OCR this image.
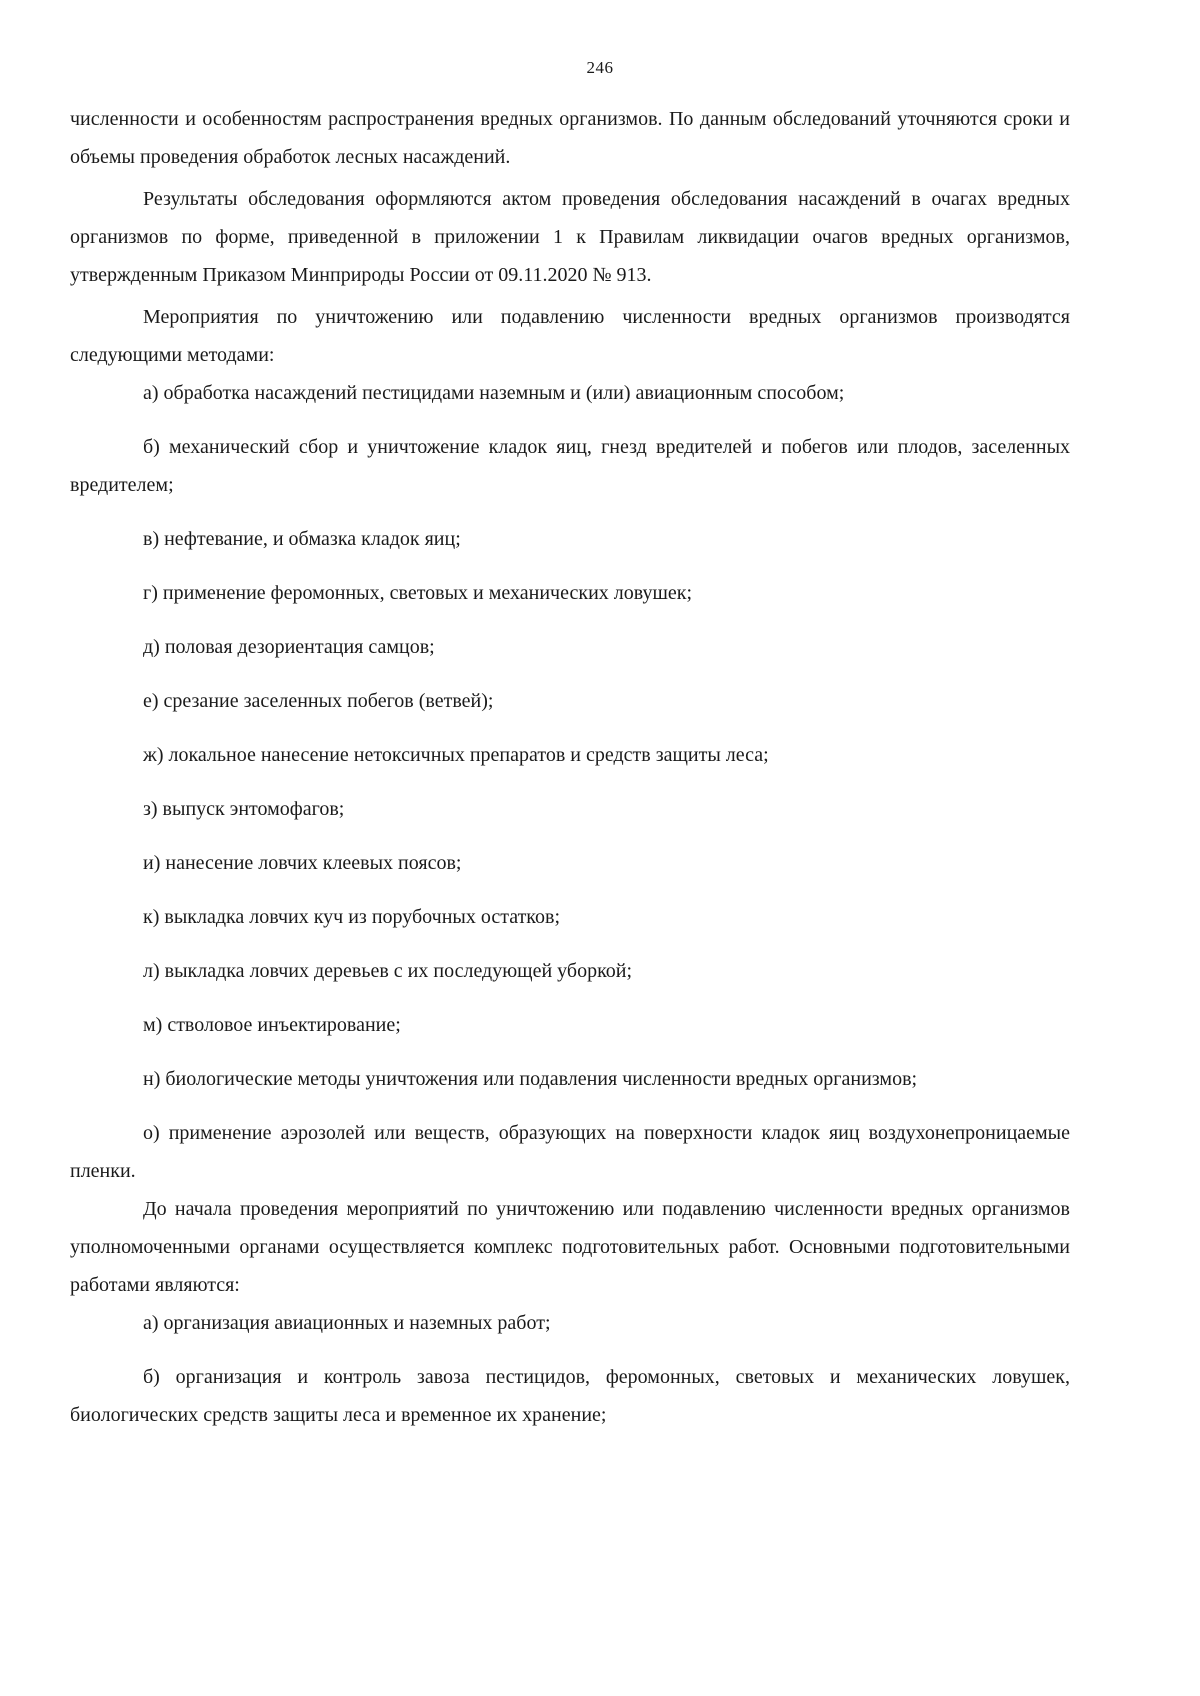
246

численности и особенностям распространения вредных организмов. По данным обследований уточняются сроки и объемы проведения обработок лесных насаждений.

Результаты обследования оформляются актом проведения обследования насаждений в очагах вредных организмов по форме, приведенной в приложении 1 к Правилам ликвидации очагов вредных организмов, утвержденным Приказом Минприроды России от 09.11.2020 № 913.

Мероприятия по уничтожению или подавлению численности вредных организмов производятся следующими методами:

а) обработка насаждений пестицидами наземным и (или) авиационным способом;

б) механический сбор и уничтожение кладок яиц, гнезд вредителей и побегов или плодов, заселенных вредителем;

в) нефтевание, и обмазка кладок яиц;

г) применение феромонных, световых и механических ловушек;

д) половая дезориентация самцов;

е) срезание заселенных побегов (ветвей);

ж) локальное нанесение нетоксичных препаратов и средств защиты леса;

з) выпуск энтомофагов;

и) нанесение ловчих клеевых поясов;

к) выкладка ловчих куч из порубочных остатков;

л) выкладка ловчих деревьев с их последующей уборкой;

м) стволовое инъектирование;

н) биологические методы уничтожения или подавления численности вредных организмов;

о) применение аэрозолей или веществ, образующих на поверхности кладок яиц воздухонепроницаемые пленки.

До начала проведения мероприятий по уничтожению или подавлению численности вредных организмов уполномоченными органами осуществляется комплекс подготовительных работ. Основными подготовительными работами являются:

а) организация авиационных и наземных работ;

б) организация и контроль завоза пестицидов, феромонных, световых и механических ловушек, биологических средств защиты леса и временное их хранение;
